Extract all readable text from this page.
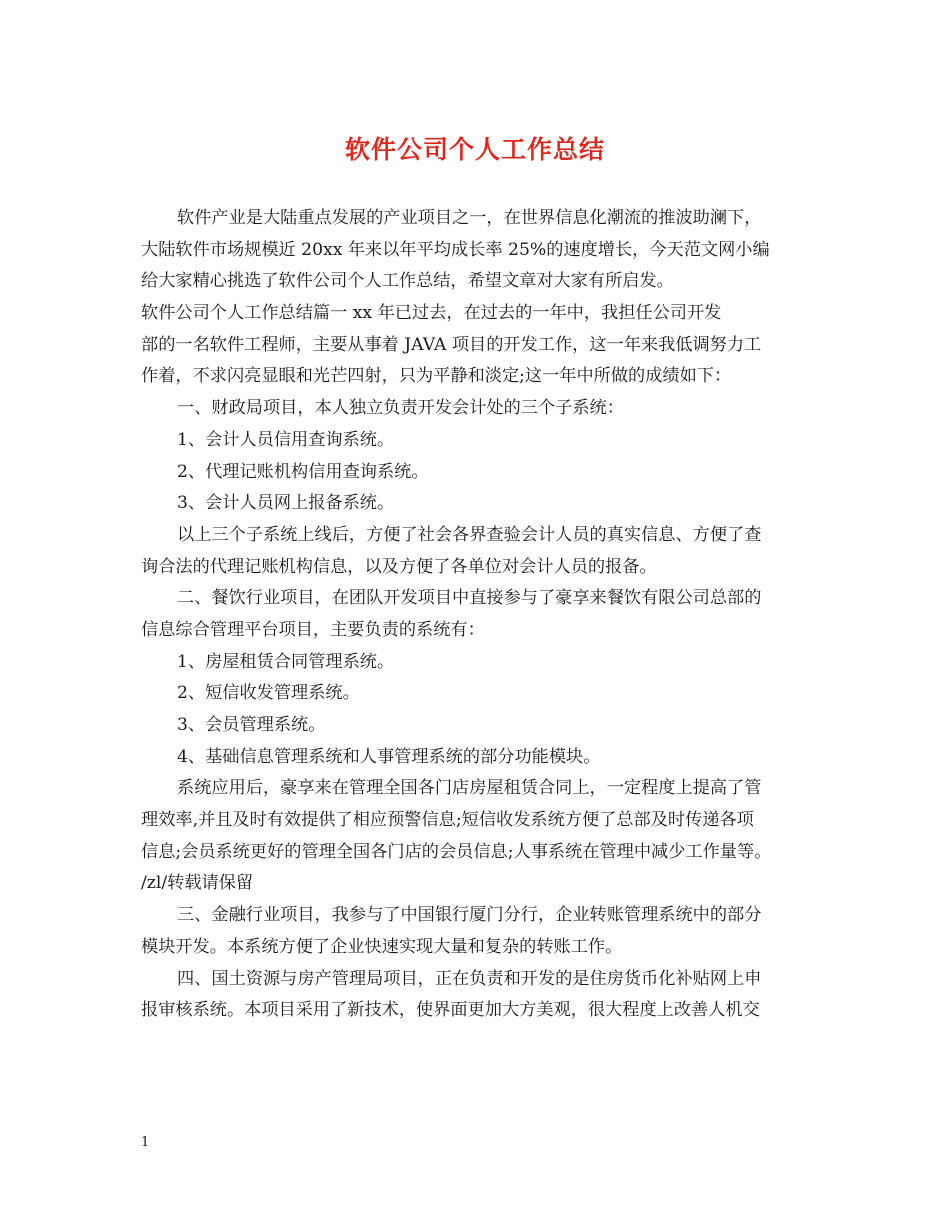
软件公司个人工作总结
软件产业是大陆重点发展的产业项目之一，在世界信息化潮流的推波助澜下，
大陆软件市场规模近 20xx 年来以年平均成长率 25%的速度增长，今天范文网小编
给大家精心挑选了软件公司个人工作总结，希望文章对大家有所启发。
软件公司个人工作总结篇一 xx 年已过去，在过去的一年中，我担任公司开发
部的一名软件工程师，主要从事着 JAVA 项目的开发工作，这一年来我低调努力工
作着，不求闪亮显眼和光芒四射，只为平静和淡定;这一年中所做的成绩如下：
一、财政局项目，本人独立负责开发会计处的三个子系统：
1、会计人员信用查询系统。
2、代理记账机构信用查询系统。
3、会计人员网上报备系统。
以上三个子系统上线后，方便了社会各界查验会计人员的真实信息、方便了查
询合法的代理记账机构信息，以及方便了各单位对会计人员的报备。
二、餐饮行业项目，在团队开发项目中直接参与了豪享来餐饮有限公司总部的
信息综合管理平台项目，主要负责的系统有：
1、房屋租赁合同管理系统。
2、短信收发管理系统。
3、会员管理系统。
4、基础信息管理系统和人事管理系统的部分功能模块。
系统应用后，豪享来在管理全国各门店房屋租赁合同上，一定程度上提高了管
理效率,并且及时有效提供了相应预警信息;短信收发系统方便了总部及时传递各项
信息;会员系统更好的管理全国各门店的会员信息;人事系统在管理中减少工作量等。
/zl/转载请保留
三、金融行业项目，我参与了中国银行厦门分行，企业转账管理系统中的部分
模块开发。本系统方便了企业快速实现大量和复杂的转账工作。
四、国土资源与房产管理局项目，正在负责和开发的是住房货币化补贴网上申
报审核系统。本项目采用了新技术，使界面更加大方美观，很大程度上改善人机交
1
